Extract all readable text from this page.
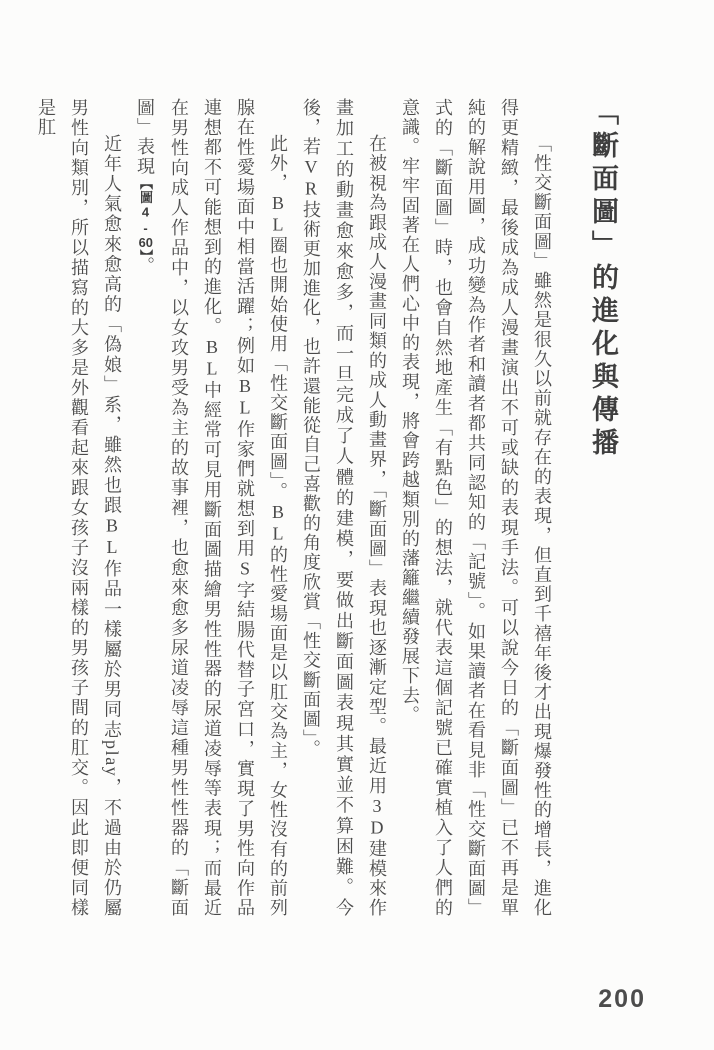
「斷面圖」的進化與傳播

「性交斷面圖」雖然是很久以前就存在的表現，但直到千禧年後才出現爆發性的增長，進化得更精緻，最後成為成人漫畫演出不可或缺的表現手法。可以說今日的「斷面圖」已不再是單純的解說用圖，成功變為作者和讀者都共同認知的「記號」。如果讀者在看見非「性交斷面圖」式的「斷面圖」時，也會自然地產生「有點色」的想法，就代表這個記號已確實植入了人們的意識。牢牢固著在人們心中的表現，將會跨越類別的藩籬繼續發展下去。

在被視為跟成人漫畫同類的成人動畫界，「斷面圖」表現也逐漸定型。最近用3D建模來作畫加工的動畫愈來愈多，而一旦完成了人體的建模，要做出斷面圖表現其實並不算困難。今後，若VR技術更加進化，也許還能從自己喜歡的角度欣賞「性交斷面圖」。

此外，BL圈也開始使用「性交斷面圖」。BL的性愛場面是以肛交為主，女性沒有的前列腺在性愛場面中相當活躍；例如BL作家們就想到用S字結腸代替子宮口，實現了男性向作品連想都不可能想到的進化。BL中經常可見用斷面圖描繪男性性器的尿道凌辱等表現；而最近在男性向成人作品中，以女攻男受為主的故事裡，也愈來愈多尿道凌辱這種男性性器的「斷面圖」表現【圖4-60】。

近年人氣愈來愈高的「偽娘」系，雖然也跟BL作品一樣屬於男同志play，不過由於仍屬男性向類別，所以描寫的大多是外觀看起來跟女孩子沒兩樣的男孩子間的肛交。因此即便同樣是肛

200
